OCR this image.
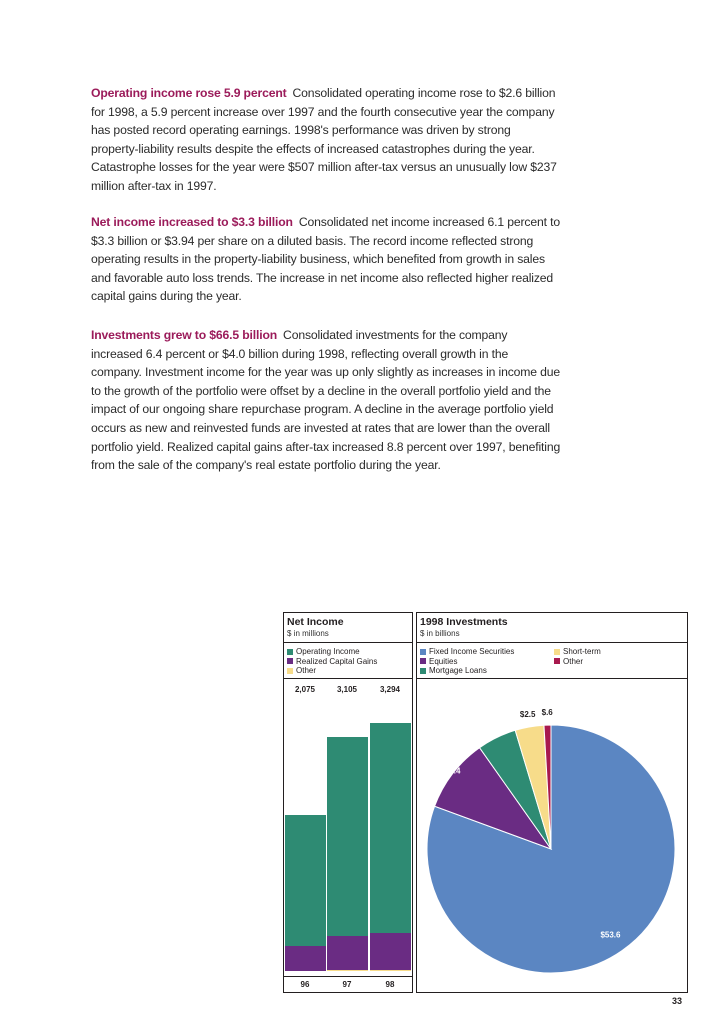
Operating income rose 5.9 percent Consolidated operating income rose to $2.6 billion for 1998, a 5.9 percent increase over 1997 and the fourth consecutive year the company has posted record operating earnings. 1998's performance was driven by strong property-liability results despite the effects of increased catastrophes during the year. Catastrophe losses for the year were $507 million after-tax versus an unusually low $237 million after-tax in 1997.
Net income increased to $3.3 billion Consolidated net income increased 6.1 percent to $3.3 billion or $3.94 per share on a diluted basis. The record income reflected strong operating results in the property-liability business, which benefited from growth in sales and favorable auto loss trends. The increase in net income also reflected higher realized capital gains during the year.
Investments grew to $66.5 billion Consolidated investments for the company increased 6.4 percent or $4.0 billion during 1998, reflecting overall growth in the company. Investment income for the year was up only slightly as increases in income due to the growth of the portfolio were offset by a decline in the overall portfolio yield and the impact of our ongoing share repurchase program. A decline in the average portfolio yield occurs as new and reinvested funds are invested at rates that are lower than the overall portfolio yield. Realized capital gains after-tax increased 8.8 percent over 1997, benefiting from the sale of the company's real estate portfolio during the year.
Net Income
$ in millions
Operating Income
Realized Capital Gains
Other
2,075	3,105	3,294
96	97	98
1998 Investments
$ in billions
Fixed Income Securities
Equities
Mortgage Loans
Short-term
Other
$53.6
$6.4
$3.4
$2.5 $.6
33
